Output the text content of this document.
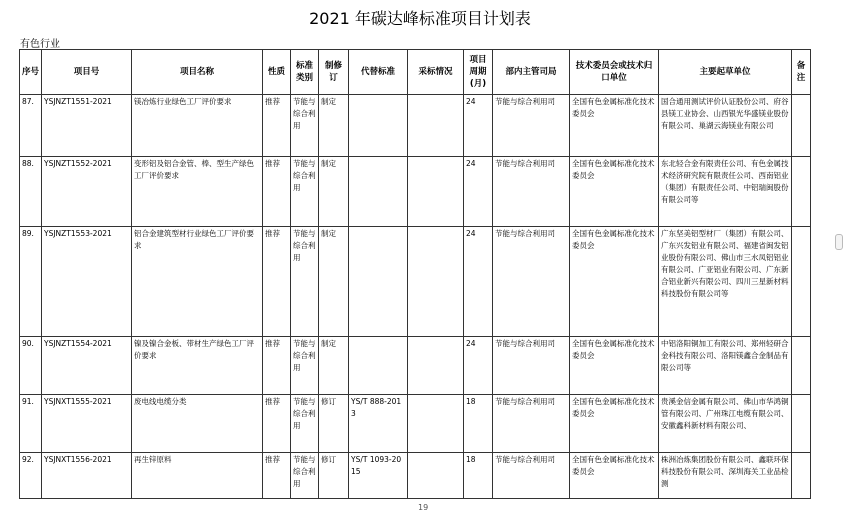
2021 年碳达峰标准项目计划表
有色行业
序号	项目号	项目名称	性质	标准类别	制修订	代替标准	采标情况	项目周期(月)	部内主管司局	技术委员会或技术归口单位	主要起草单位	备注
87.	YSJNZT1551-2021	镁冶炼行业绿色工厂评价要求	推荐	节能与综合利用	制定			24	节能与综合利用司	全国有色金属标准化技术委员会	国合通用测试评价认证股份公司、府谷县镁工业协会、山西银光华盛镁业股份有限公司、巢湖云海镁业有限公司	
88.	YSJNZT1552-2021	变形铝及铝合金管、棒、型生产绿色工厂评价要求	推荐	节能与综合利用	制定			24	节能与综合利用司	全国有色金属标准化技术委员会	东北轻合金有限责任公司、有色金属技术经济研究院有限责任公司、西南铝业（集团）有限责任公司、中铝瑞闽股份有限公司等	
89.	YSJNZT1553-2021	铝合金建筑型材行业绿色工厂评价要求	推荐	节能与综合利用	制定			24	节能与综合利用司	全国有色金属标准化技术委员会	广东坚美铝型材厂（集团）有限公司、广东兴发铝业有限公司、福建省闽发铝业股份有限公司、佛山市三水凤铝铝业有限公司、广亚铝业有限公司、广东新合铝业新兴有限公司、四川三星新材料科技股份有限公司等	
90.	YSJNZT1554-2021	镍及镍合金板、带材生产绿色工厂评价要求	推荐	节能与综合利用	制定			24	节能与综合利用司	全国有色金属标准化技术委员会	中铝洛阳铜加工有限公司、郑州轻研合金科技有限公司、洛阳镁鑫合金制品有限公司等	
91.	YSJNXT1555-2021	废电线电缆分类	推荐	节能与综合利用	修订	YS/T 888-2013		18	节能与综合利用司	全国有色金属标准化技术委员会	贵溪金信金属有限公司、佛山市华鸿铜管有限公司、广州珠江电缆有限公司、安徽鑫科新材料有限公司、	
92.	YSJNXT1556-2021	再生锌原料	推荐	节能与综合利用	修订	YS/T 1093-2015		18	节能与综合利用司	全国有色金属标准化技术委员会	株洲冶炼集团股份有限公司、鑫联环保科技股份有限公司、深圳海关工业品检测	
19
